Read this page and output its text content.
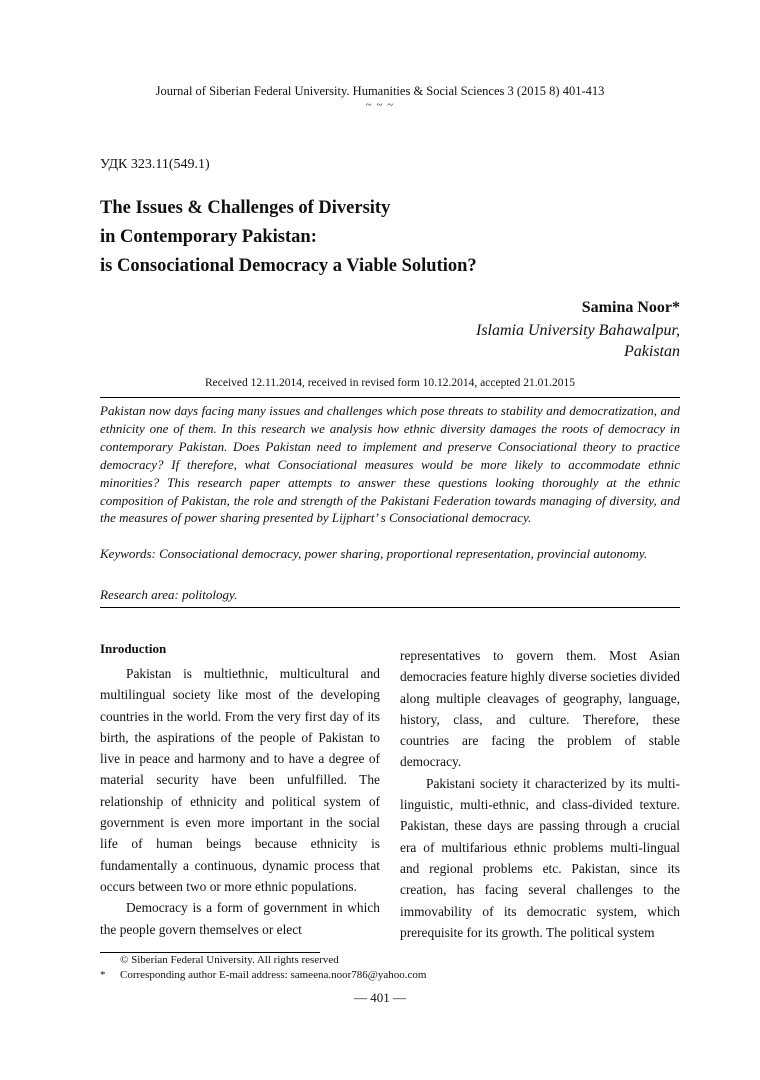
Journal of Siberian Federal University. Humanities & Social Sciences 3 (2015 8) 401-413
~ ~ ~
УДК 323.11(549.1)
The Issues & Challenges of Diversity
in Contemporary Pakistan:
is Consociational Democracy a Viable Solution?
Samina Noor*
Islamia University Bahawalpur,
Pakistan
Received 12.11.2014, received in revised form 10.12.2014, accepted 21.01.2015
Pakistan now days facing many issues and challenges which pose threats to stability and democratization, and ethnicity one of them. In this research we analysis how ethnic diversity damages the roots of democracy in contemporary Pakistan. Does Pakistan need to implement and preserve Consociational theory to practice democracy? If therefore, what Consociational measures would be more likely to accommodate ethnic minorities? This research paper attempts to answer these questions looking thoroughly at the ethnic composition of Pakistan, the role and strength of the Pakistani Federation towards managing of diversity, and the measures of power sharing presented by Lijphart’ s Consociational democracy.
Keywords: Consociational democracy, power sharing, proportional representation, provincial autonomy.
Research area: politology.
Inroduction

Pakistan is multiethnic, multicultural and multilingual society like most of the developing countries in the world. From the very first day of its birth, the aspirations of the people of Pakistan to live in peace and harmony and to have a degree of material security have been unfulfilled. The relationship of ethnicity and political system of government is even more important in the social life of human beings because ethnicity is fundamentally a continuous, dynamic process that occurs between two or more ethnic populations.

Democracy is a form of government in which the people govern themselves or elect

representatives to govern them. Most Asian democracies feature highly diverse societies divided along multiple cleavages of geography, language, history, class, and culture. Therefore, these countries are facing the problem of stable democracy.

Pakistani society it characterized by its multi-linguistic, multi-ethnic, and class-divided texture. Pakistan, these days are passing through a crucial era of multifarious ethnic problems multi-lingual and regional problems etc. Pakistan, since its creation, has facing several challenges to the immovability of its democratic system, which prerequisite for its growth. The political system

© Siberian Federal University. All rights reserved
*	Corresponding author E-mail address: sameena.noor786@yahoo.com
— 401 —
